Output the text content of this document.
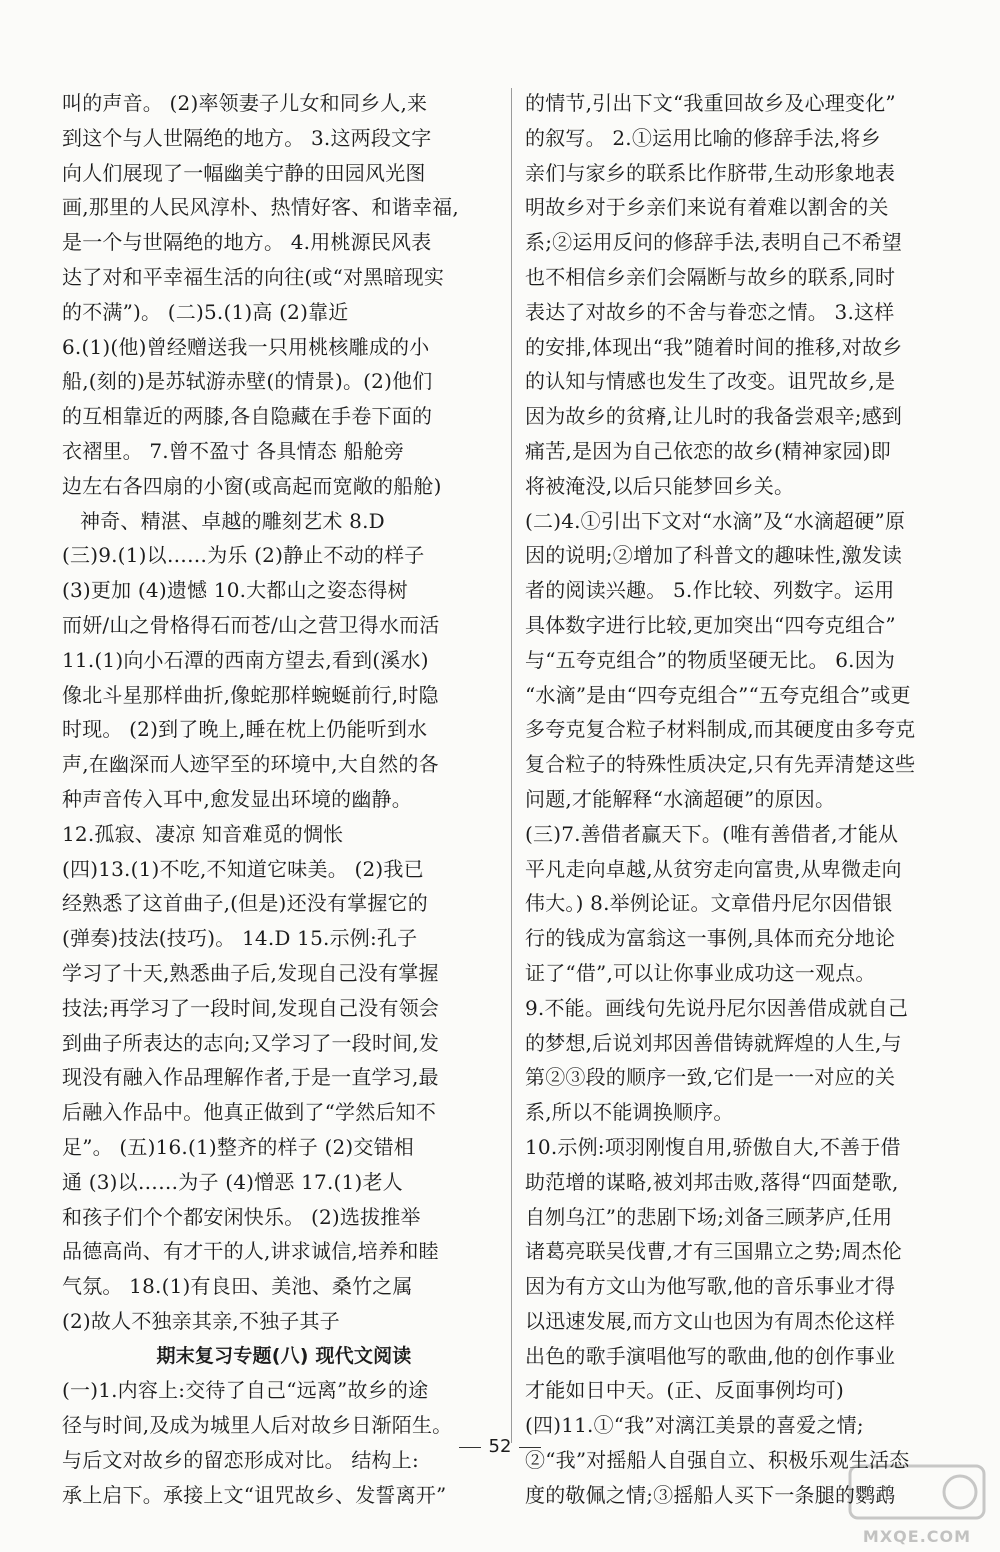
叫的声音。 (2)率领妻子儿女和同乡人,来
到这个与人世隔绝的地方。 3.这两段文字
向人们展现了一幅幽美宁静的田园风光图
画,那里的人民风淳朴、热情好客、和谐幸福,
是一个与世隔绝的地方。 4.用桃源民风表
达了对和平幸福生活的向往(或“对黑暗现实
的不满”)。 (二)5.(1)高 (2)靠近
6.(1)(他)曾经赠送我一只用桃核雕成的小
船,(刻的)是苏轼游赤壁(的情景)。(2)他们
的互相靠近的两膝,各自隐藏在手卷下面的
衣褶里。 7.曾不盈寸 各具情态 船舱旁
边左右各四扇的小窗(或高起而宽敞的船舱)
神奇、精湛、卓越的雕刻艺术 8.D
(三)9.(1)以……为乐 (2)静止不动的样子
(3)更加 (4)遗憾 10.大都山之姿态得树
而妍/山之骨格得石而苍/山之营卫得水而活
11.(1)向小石潭的西南方望去,看到(溪水)
像北斗星那样曲折,像蛇那样蜿蜒前行,时隐
时现。 (2)到了晚上,睡在枕上仍能听到水
声,在幽深而人迹罕至的环境中,大自然的各
种声音传入耳中,愈发显出环境的幽静。
12.孤寂、凄凉 知音难觅的惆怅
(四)13.(1)不吃,不知道它味美。 (2)我已
经熟悉了这首曲子,(但是)还没有掌握它的
(弹奏)技法(技巧)。 14.D 15.示例:孔子
学习了十天,熟悉曲子后,发现自己没有掌握
技法;再学习了一段时间,发现自己没有领会
到曲子所表达的志向;又学习了一段时间,发
现没有融入作品理解作者,于是一直学习,最
后融入作品中。他真正做到了“学然后知不
足”。 (五)16.(1)整齐的样子 (2)交错相
通 (3)以……为子 (4)憎恶 17.(1)老人
和孩子们个个都安闲快乐。 (2)选拔推举
品德高尚、有才干的人,讲求诚信,培养和睦
气氛。 18.(1)有良田、美池、桑竹之属
(2)故人不独亲其亲,不独子其子
期末复习专题(八) 现代文阅读
(一)1.内容上:交待了自己“远离”故乡的途
径与时间,及成为城里人后对故乡日渐陌生。
与后文对故乡的留恋形成对比。 结构上:
承上启下。承接上文“诅咒故乡、发誓离开”
的情节,引出下文“我重回故乡及心理变化”
的叙写。 2.①运用比喻的修辞手法,将乡
亲们与家乡的联系比作脐带,生动形象地表
明故乡对于乡亲们来说有着难以割舍的关
系;②运用反问的修辞手法,表明自己不希望
也不相信乡亲们会隔断与故乡的联系,同时
表达了对故乡的不舍与眷恋之情。 3.这样
的安排,体现出“我”随着时间的推移,对故乡
的认知与情感也发生了改变。诅咒故乡,是
因为故乡的贫瘠,让儿时的我备尝艰辛;感到
痛苦,是因为自己依恋的故乡(精神家园)即
将被淹没,以后只能梦回乡关。
(二)4.①引出下文对“水滴”及“水滴超硬”原
因的说明;②增加了科普文的趣味性,激发读
者的阅读兴趣。 5.作比较、列数字。运用
具体数字进行比较,更加突出“四夸克组合”
与“五夸克组合”的物质坚硬无比。 6.因为
“水滴”是由“四夸克组合”“五夸克组合”或更
多夸克复合粒子材料制成,而其硬度由多夸克
复合粒子的特殊性质决定,只有先弄清楚这些
问题,才能解释“水滴超硬”的原因。
(三)7.善借者赢天下。(唯有善借者,才能从
平凡走向卓越,从贫穷走向富贵,从卑微走向
伟大。) 8.举例论证。文章借丹尼尔因借银
行的钱成为富翁这一事例,具体而充分地论
证了“借”,可以让你事业成功这一观点。
9.不能。画线句先说丹尼尔因善借成就自己
的梦想,后说刘邦因善借铸就辉煌的人生,与
第②③段的顺序一致,它们是一一对应的关
系,所以不能调换顺序。
10.示例:项羽刚愎自用,骄傲自大,不善于借
助范增的谋略,被刘邦击败,落得“四面楚歌,
自刎乌江”的悲剧下场;刘备三顾茅庐,任用
诸葛亮联吴伐曹,才有三国鼎立之势;周杰伦
因为有方文山为他写歌,他的音乐事业才得
以迅速发展,而方文山也因为有周杰伦这样
出色的歌手演唱他写的歌曲,他的创作事业
才能如日中天。(正、反面事例均可)
(四)11.①“我”对漓江美景的喜爱之情;
②“我”对摇船人自强自立、积极乐观生活态
度的敬佩之情;③摇船人买下一条腿的鹦鹉
52
MXQE.COM
